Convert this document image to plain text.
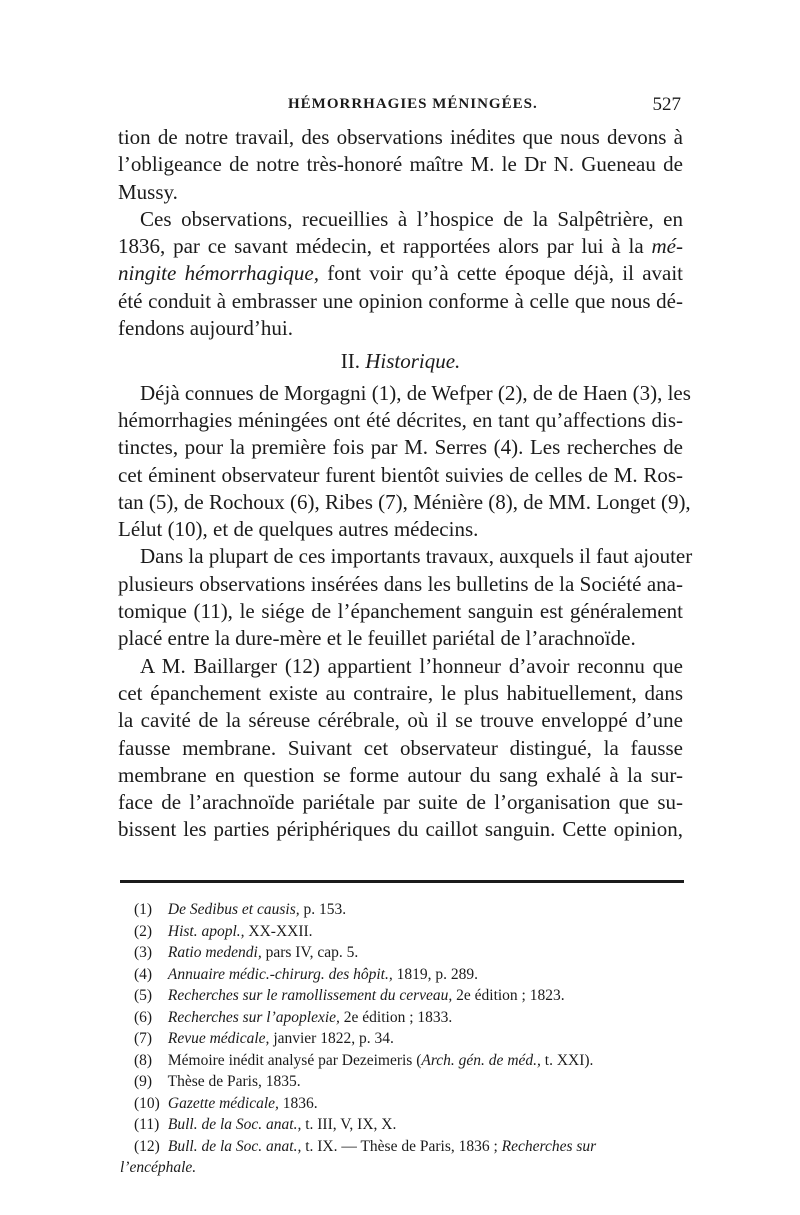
HÉMORRHAGIES MÉNINGÉES.	527
tion de notre travail, des observations inédites que nous devons à
l’obligeance de notre très-honoré maître M. le Dr N. Gueneau de
Mussy.
Ces observations, recueillies à l’hospice de la Salpêtrière, en
1836, par ce savant médecin, et rapportées alors par lui à la mé-
ningite hémorrhagique, font voir qu’à cette époque déjà, il avait
été conduit à embrasser une opinion conforme à celle que nous dé-
fendons aujourd’hui.
II. Historique.
Déjà connues de Morgagni (1), de Wefper (2), de de Haen (3), les
hémorrhagies méningées ont été décrites, en tant qu’affections dis-
tinctes, pour la première fois par M. Serres (4). Les recherches de
cet éminent observateur furent bientôt suivies de celles de M. Ros-
tan (5), de Rochoux (6), Ribes (7), Ménière (8), de MM. Longet (9),
Lélut (10), et de quelques autres médecins.
Dans la plupart de ces importants travaux, auxquels il faut ajouter
plusieurs observations insérées dans les bulletins de la Société ana-
tomique (11), le siége de l’épanchement sanguin est généralement
placé entre la dure-mère et le feuillet pariétal de l’arachnoïde.
A M. Baillarger (12) appartient l’honneur d’avoir reconnu que
cet épanchement existe au contraire, le plus habituellement, dans
la cavité de la séreuse cérébrale, où il se trouve enveloppé d’une
fausse membrane. Suivant cet observateur distingué, la fausse
membrane en question se forme autour du sang exhalé à la sur-
face de l’arachnoïde pariétale par suite de l’organisation que su-
bissent les parties périphériques du caillot sanguin. Cette opinion,
(1) De Sedibus et causis, p. 153.
(2) Hist. apopl., XX-XXII.
(3) Ratio medendi, pars IV, cap. 5.
(4) Annuaire médic.-chirurg. des hôpit., 1819, p. 289.
(5) Recherches sur le ramollissement du cerveau, 2e édition ; 1823.
(6) Recherches sur l’apoplexie, 2e édition ; 1833.
(7) Revue médicale, janvier 1822, p. 34.
(8) Mémoire inédit analysé par Dezeimeris (Arch. gén. de méd., t. XXI).
(9) Thèse de Paris, 1835.
(10) Gazette médicale, 1836.
(11) Bull. de la Soc. anat., t. III, V, IX, X.
(12) Bull. de la Soc. anat., t. IX. — Thèse de Paris, 1836 ; Recherches sur
l’encéphale.
